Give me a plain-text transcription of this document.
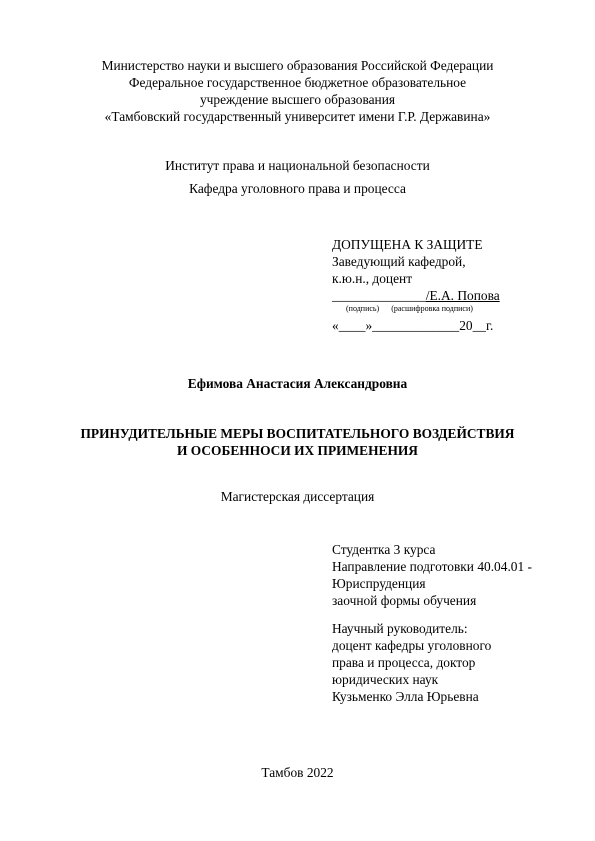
Министерство науки и высшего образования Российской Федерации
Федеральное государственное бюджетное образовательное
учреждение высшего образования
«Тамбовский государственный университет имени Г.Р. Державина»
Институт права и национальной безопасности
Кафедра уголовного права и процесса
ДОПУЩЕНА К ЗАЩИТЕ
Заведующий кафедрой,
к.ю.н., доцент
______________/Е.А. Попова
(подпись) (расшифровка подписи)
«____»_____________20__г.
Ефимова Анастасия Александровна
ПРИНУДИТЕЛЬНЫЕ МЕРЫ ВОСПИТАТЕЛЬНОГО ВОЗДЕЙСТВИЯ
И ОСОБЕННОСИ ИХ ПРИМЕНЕНИЯ
Магистерская диссертация
Студентка 3 курса
Направление подготовки 40.04.01 -
Юриспруденция
заочной формы обучения
Научный руководитель:
доцент кафедры уголовного
права и процесса, доктор
юридических наук
Кузьменко Элла Юрьевна
Тамбов 2022
